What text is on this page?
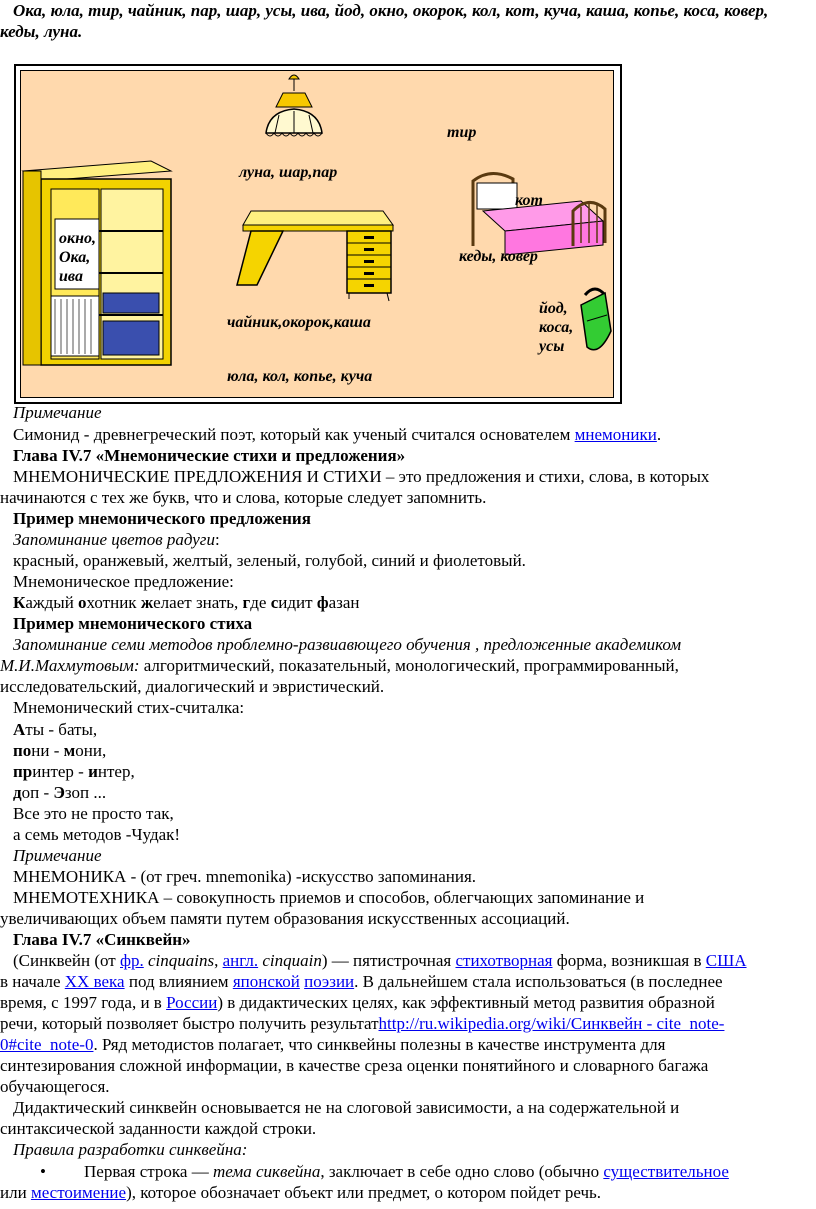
Ока, юла, тир, чайник, пар, шар, усы, ива, йод, окно, окорок, кол, кот, куча, каша, копье, коса, ковер,
кеды, луна.
тир
луна, шар,пар
кот
окно,
Ока,
ива
кеды, ковер
йод,
коса,
усы
чайник,окорок,каша
юла, кол, копье, куча
Примечание
Симонид - древнегреческий поэт, который как ученый считался основателем мнемоники.
Глава IV.7 «Мнемонические стихи и предложения»
МНЕМОНИЧЕСКИЕ ПРЕДЛОЖЕНИЯ И СТИХИ – это предложения и стихи, слова, в которых
начинаются с тех же букв, что и слова, которые следует запомнить.
Пример мнемонического предложения
Запоминание цветов радуги:
красный, оранжевый, желтый, зеленый, голубой, синий и фиолетовый.
Мнемоническое предложение:
Каждый охотник желает знать, где сидит фазан
Пример мнемонического стиха
Запоминание семи методов проблемно-развиавющего обучения , предложенные академиком
М.И.Махмутовым: алгоритмический, показательный, монологический, программированный,
исследовательский, диалогический и эвристический.
Мнемонический стих-считалка:
Аты - баты,
пони - мони,
принтер - интер,
доп - Эзоп ...
Все это не просто так,
а семь методов -Чудак!
Примечание
МНЕМОНИКА - (от греч. mnemonika) -искусство запоминания.
МНЕМОТЕХНИКА – совокупность приемов и способов, облегчающих запоминание и
увеличивающих объем памяти путем образования искусственных ассоциаций.
Глава IV.7 «Синквейн»
(Синквейн (от фр. cinquains, англ. cinquain) — пятистрочная стихотворная форма, возникшая в США
в начале XX века под влиянием японской поэзии. В дальнейшем стала использоваться (в последнее
время, с 1997 года, и в России) в дидактических целях, как эффективный метод развития образной
речи, который позволяет быстро получить результатhttp://ru.wikipedia.org/wiki/Синквейн - cite_note-
0#cite_note-0. Ряд методистов полагает, что синквейны полезны в качестве инструмента для
синтезирования сложной информации, в качестве среза оценки понятийного и словарного багажа
обучающегося.
Дидактический синквейн основывается не на слоговой зависимости, а на содержательной и
синтаксической заданности каждой строки.
Правила разработки синквейна:
• Первая строка — тема сиквейна, заключает в себе одно слово (обычно существительное
или местоимение), которое обозначает объект или предмет, о котором пойдет речь.
